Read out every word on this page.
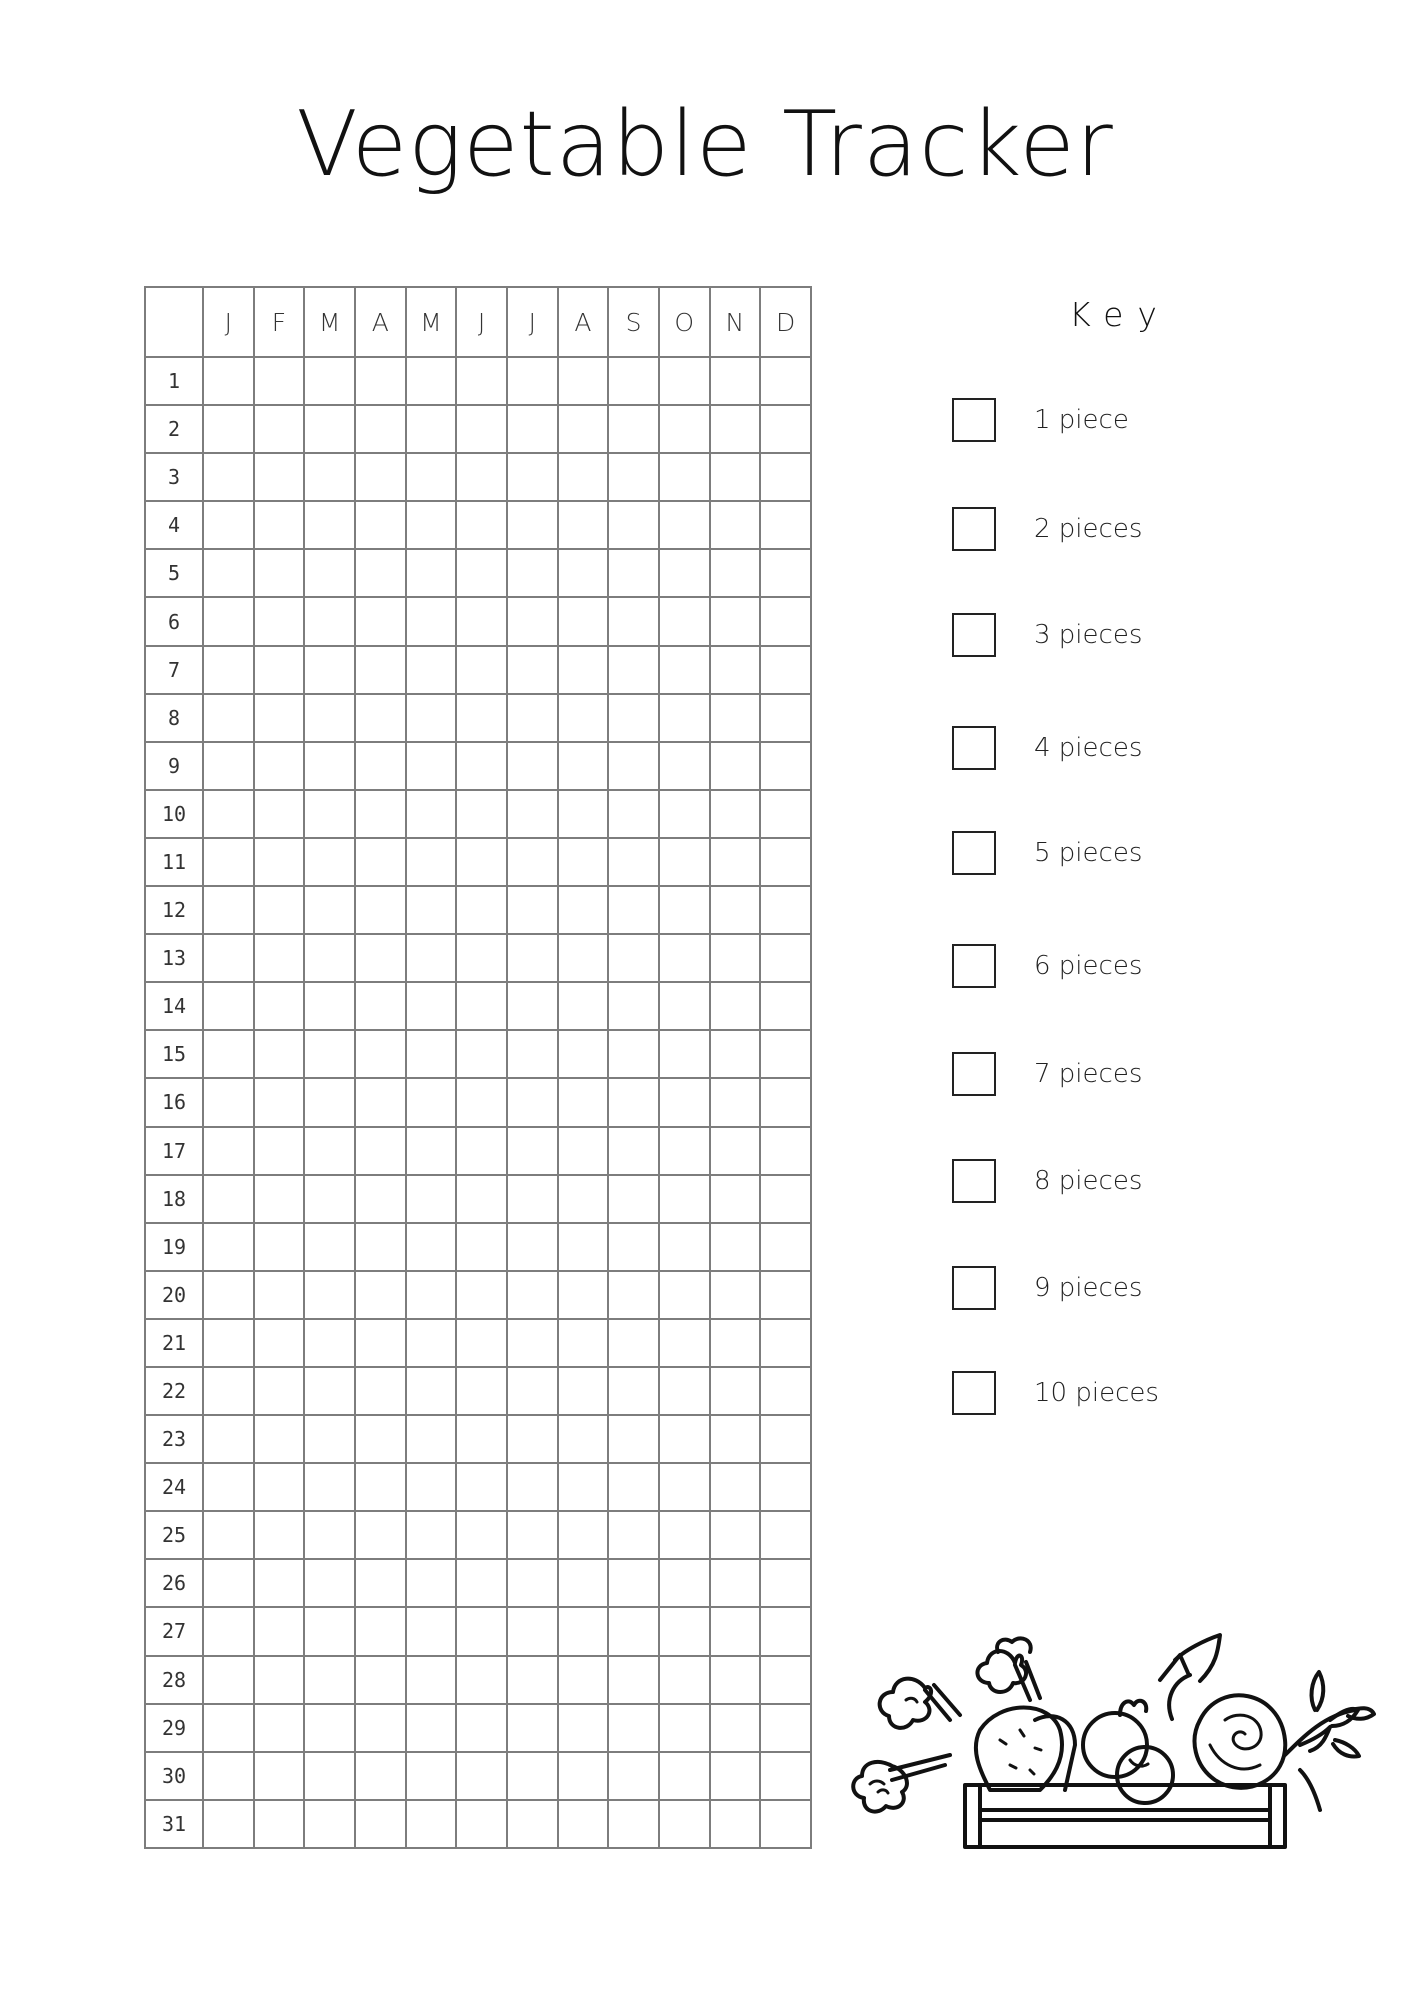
Vegetable Tracker
	J	F	M	A	M	J	J	A	S	O	N	D
1												
2												
3												
4												
5												
6												
7												
8												
9												
10												
11												
12												
13												
14												
15												
16												
17												
18												
19												
20												
21												
22												
23												
24												
25												
26												
27												
28												
29												
30												
31												
Key
1 piece
2 pieces
3 pieces
4 pieces
5 pieces
6 pieces
7 pieces
8 pieces
9 pieces
10 pieces
